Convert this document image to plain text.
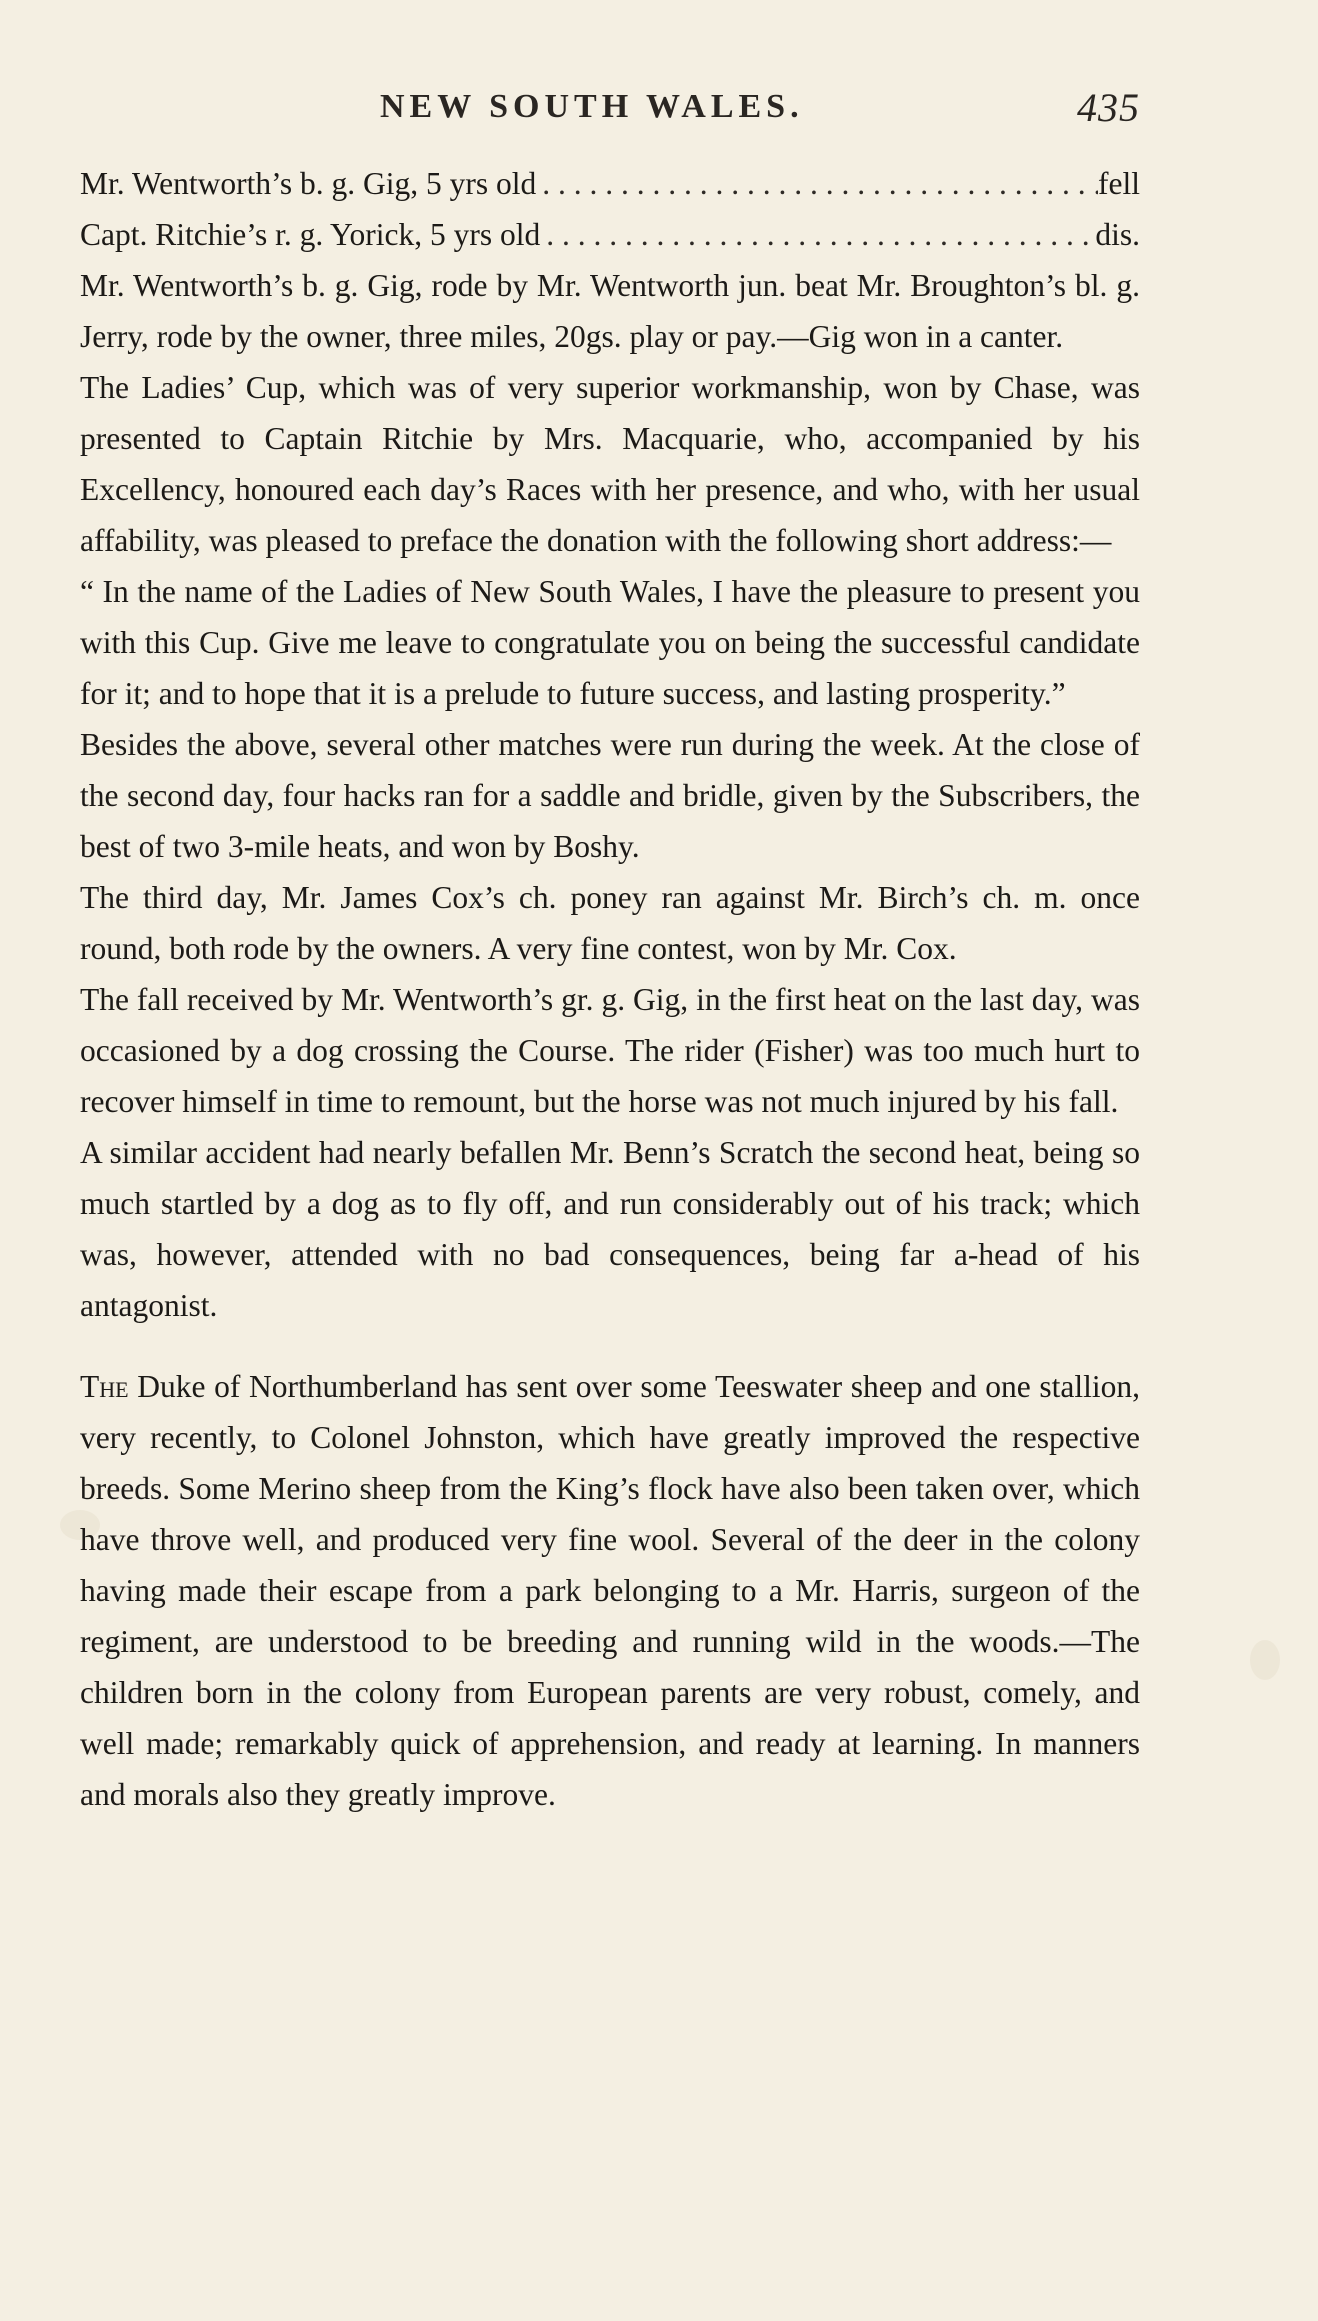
NEW SOUTH WALES.	435
Mr. Wentworth’s b. g. Gig, 5 yrs old . . .	fell
Capt. Ritchie’s r. g. Yorick, 5 yrs old . . .	dis.

Mr. Wentworth’s b. g. Gig, rode by Mr. Wentworth jun. beat Mr. Broughton’s bl. g. Jerry, rode by the owner, three miles, 20gs. play or pay.—Gig won in a canter.

The Ladies’ Cup, which was of very superior workmanship, won by Chase, was presented to Captain Ritchie by Mrs. Macquarie, who, accompanied by his Excellency, honoured each day’s Races with her presence, and who, with her usual affability, was pleased to preface the donation with the following short address:—

“ In the name of the Ladies of New South Wales, I have the pleasure to present you with this Cup. Give me leave to congratulate you on being the successful candidate for it; and to hope that it is a prelude to future success, and lasting prosperity.”

Besides the above, several other matches were run during the week. At the close of the second day, four hacks ran for a saddle and bridle, given by the Subscribers, the best of two 3-mile heats, and won by Boshy.

The third day, Mr. James Cox’s ch. poney ran against Mr. Birch’s ch. m. once round, both rode by the owners. A very fine contest, won by Mr. Cox.

The fall received by Mr. Wentworth’s gr. g. Gig, in the first heat on the last day, was occasioned by a dog crossing the Course. The rider (Fisher) was too much hurt to recover himself in time to remount, but the horse was not much injured by his fall.

A similar accident had nearly befallen Mr. Benn’s Scratch the second heat, being so much startled by a dog as to fly off, and run considerably out of his track; which was, however, attended with no bad consequences, being far a-head of his antagonist.

The Duke of Northumberland has sent over some Teeswater sheep and one stallion, very recently, to Colonel Johnston, which have greatly improved the respective breeds. Some Merino sheep from the King’s flock have also been taken over, which have throve well, and produced very fine wool. Several of the deer in the colony having made their escape from a park belonging to a Mr. Harris, surgeon of the regiment, are understood to be breeding and running wild in the woods.—The children born in the colony from European parents are very robust, comely, and well made; remarkably quick of apprehension, and ready at learning. In manners and morals also they greatly improve.
